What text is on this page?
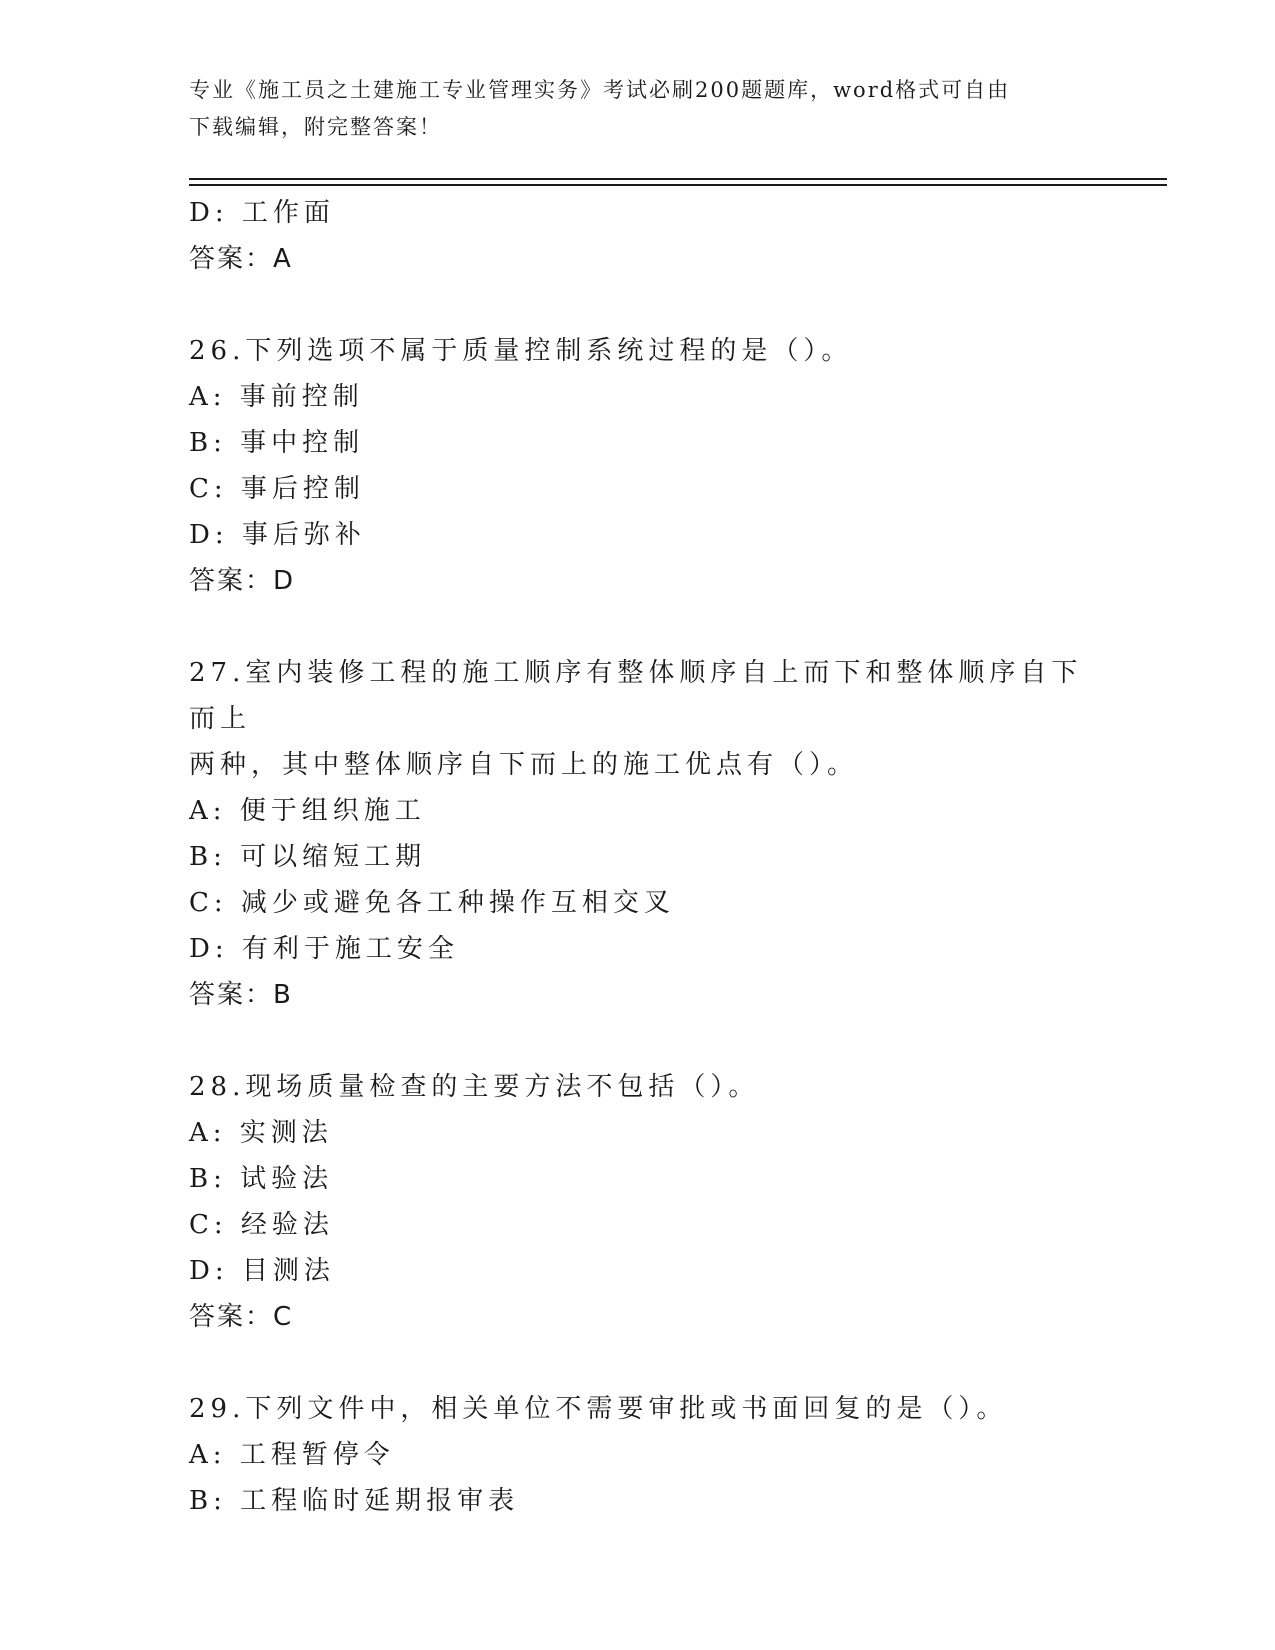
专业《施工员之土建施工专业管理实务》考试必刷200题题库，word格式可自由
下载编辑，附完整答案！
D: 工作面
答案：A
26.下列选项不属于质量控制系统过程的是（）。
A: 事前控制
B: 事中控制
C: 事后控制
D: 事后弥补
答案：D
27.室内装修工程的施工顺序有整体顺序自上而下和整体顺序自下而上
两种，其中整体顺序自下而上的施工优点有（）。
A: 便于组织施工
B: 可以缩短工期
C: 减少或避免各工种操作互相交叉
D: 有利于施工安全
答案：B
28.现场质量检查的主要方法不包括（）。
A: 实测法
B: 试验法
C: 经验法
D: 目测法
答案：C
29.下列文件中，相关单位不需要审批或书面回复的是（）。
A: 工程暂停令
B: 工程临时延期报审表
